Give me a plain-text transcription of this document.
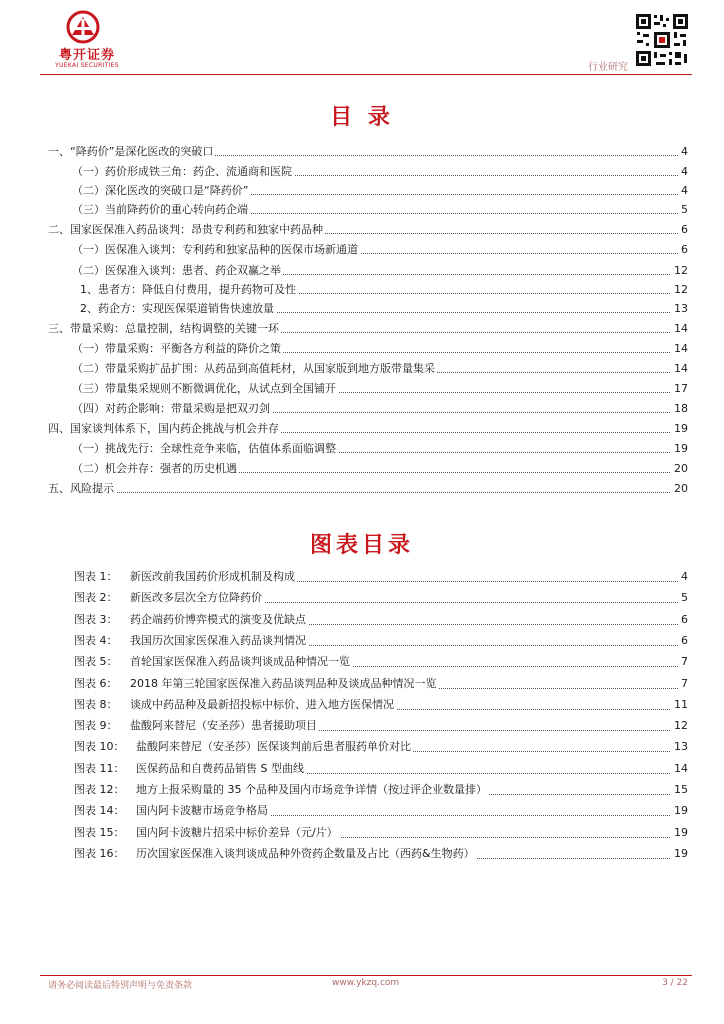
粤开证券
YUEKAI SECURITIES	行业研究
目 录
一、“降药价”是深化医改的突破口	4
（一）药价形成铁三角：药企、流通商和医院	4
（二）深化医改的突破口是“降药价”	4
（三）当前降药价的重心转向药企端	5
二、国家医保准入药品谈判：昂贵专利药和独家中药品种	6
（一）医保准入谈判：专利药和独家品种的医保市场新通道	6
（二）医保准入谈判：患者、药企双赢之举	12
1、患者方：降低自付费用，提升药物可及性	12
2、药企方：实现医保渠道销售快速放量	13
三、带量采购：总量控制，结构调整的关键一环	14
（一）带量采购：平衡各方利益的降价之策	14
（二）带量采购扩品扩围：从药品到高值耗材，从国家版到地方版带量集采	14
（三）带量集采规则不断微调优化，从试点到全国铺开	17
（四）对药企影响：带量采购是把双刃剑	18
四、国家谈判体系下，国内药企挑战与机会并存	19
（一）挑战先行：全球性竞争来临，估值体系面临调整	19
（二）机会并存：强者的历史机遇	20
五、风险提示	20
图表目录
图表 1： 新医改前我国药价形成机制及构成	4
图表 2： 新医改多层次全方位降药价	5
图表 3： 药企端药价博弈模式的演变及优缺点	6
图表 4： 我国历次国家医保准入药品谈判情况	6
图表 5： 首轮国家医保准入药品谈判谈成品种情况一览	7
图表 6： 2018 年第三轮国家医保准入药品谈判品种及谈成品种情况一览	7
图表 8： 谈成中药品种及最新招投标中标价、进入地方医保情况	11
图表 9： 盐酸阿来替尼（安圣莎）患者援助项目	12
图表 10： 盐酸阿来替尼（安圣莎）医保谈判前后患者服药单价对比	13
图表 11： 医保药品和自费药品销售 S 型曲线	14
图表 12： 地方上报采购量的 35 个品种及国内市场竞争详情（按过评企业数量排）	15
图表 14： 国内阿卡波糖市场竞争格局	19
图表 15： 国内阿卡波糖片招采中标价差异（元/片）	19
图表 16： 历次国家医保准入谈判谈成品种外资药企数量及占比（西药&生物药）	19
请务必阅读最后特别声明与免责条款	www.ykzq.com	3 / 22
